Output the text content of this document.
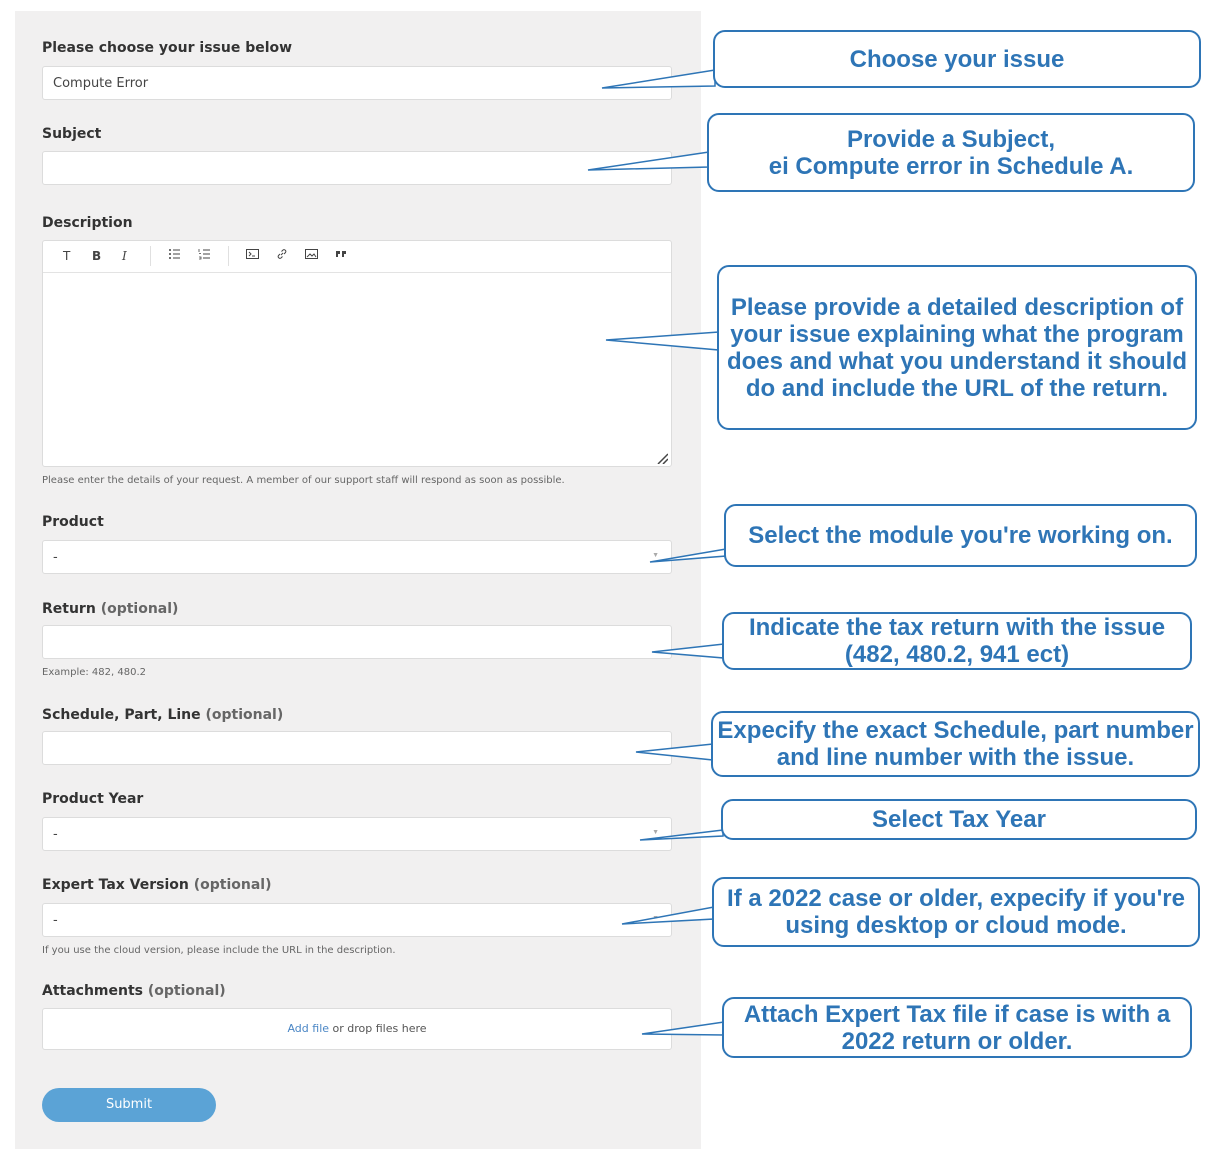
Please choose your issue below
Compute Error
Subject
Description
T B I
Please enter the details of your request. A member of our support staff will respond as soon as possible.
Product
-	▼
Return (optional)
Example: 482, 480.2
Schedule, Part, Line (optional)
Product Year
-	▼
Expert Tax Version (optional)
-
If you use the cloud version, please include the URL in the description.
Attachments (optional)
Add file or drop files here
Submit
Choose your issue
Provide a Subject,
ei Compute error in Schedule A.
Please provide a detailed description of your issue explaining what the program does and what you understand it should do and include the URL of the return.
Select the module you're working on.
Indicate the tax return with the issue (482, 480.2, 941 ect)
Expecify the exact Schedule, part number and line number with the issue.
Select Tax Year
If a 2022 case or older, expecify if you're using desktop or cloud mode.
Attach Expert Tax file if case is with a 2022 return or older.
